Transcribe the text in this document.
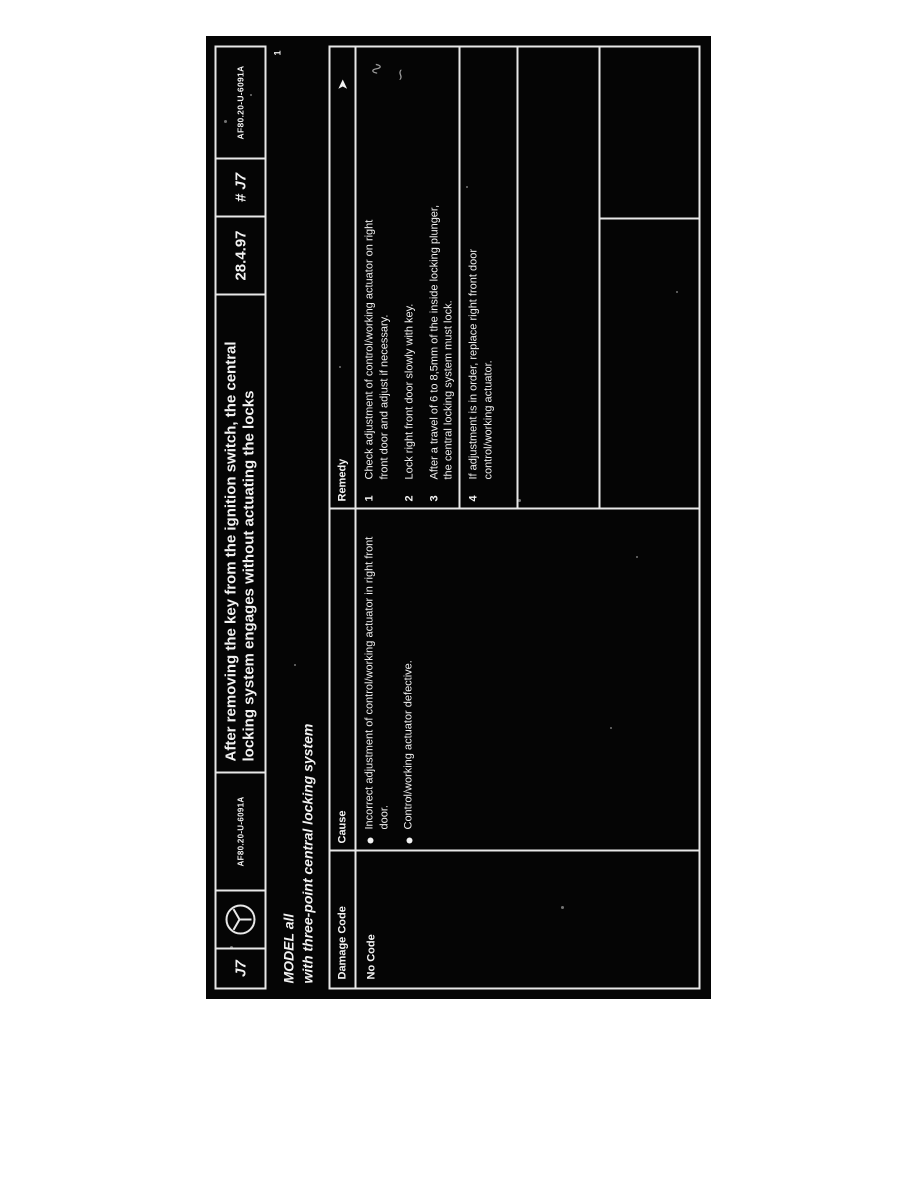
J7
AF80.20-U-6091A
After removing the key from the ignition switch, the central locking system engages without actuating the locks
28.4.97
# J7
AF80.20-U-6091A
1
MODEL all with three-point central locking system Damage Code
Cause
Remedy
➤
No Code
Incorrect adjustment of control/working actuator in right front door. Control/working actuator defective.
1
Check adjustment of control/working actuator on right front door and adjust if necessary.
2
Lock right front door slowly with key.
3
After a travel of 6 to 8,5mm of the inside locking plunger, the central locking system must lock.
4
If adjustment is in order, replace right front door control/working actuator.
∿ ∽
